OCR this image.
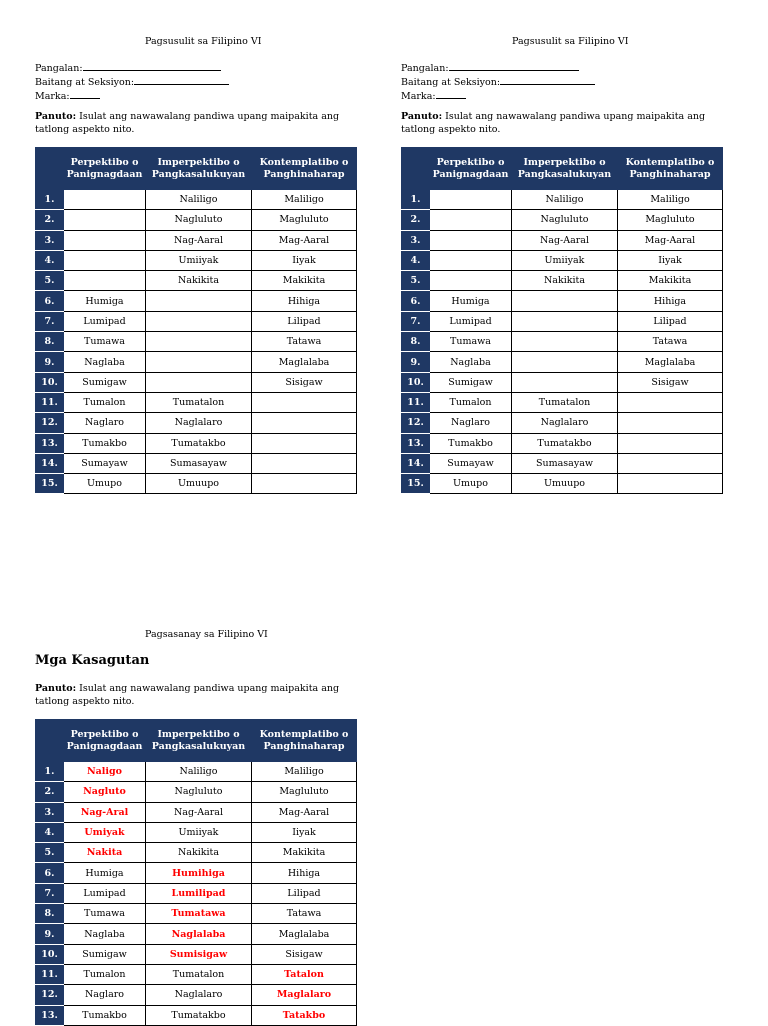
Pagsusulit sa Filipino VI
Pangalan:
Baitang at Seksiyon:
Marka:
Panuto: Isulat ang nawawalang pandiwa upang maipakita ang tatlong aspekto nito.
	Perpektibo o Panignagdaan	Imperpektibo o Pangkasalukuyan	Kontemplatibo o Panghinaharap
1.		Naliligo	Maliligo
2.		Nagluluto	Magluluto
3.		Nag-Aaral	Mag-Aaral
4.		Umiiyak	Iiyak
5.		Nakikita	Makikita
6.	Humiga		Hihiga
7.	Lumipad		Lilipad
8.	Tumawa		Tatawa
9.	Naglaba		Maglalaba
10.	Sumigaw		Sisigaw
11.	Tumalon	Tumatalon	
12.	Naglaro	Naglalaro	
13.	Tumakbo	Tumatakbo	
14.	Sumayaw	Sumasayaw	
15.	Umupo	Umuupo	
Pagsusulit sa Filipino VI
Pangalan:
Baitang at Seksiyon:
Marka:
Panuto: Isulat ang nawawalang pandiwa upang maipakita ang tatlong aspekto nito.
	Perpektibo o Panignagdaan	Imperpektibo o Pangkasalukuyan	Kontemplatibo o Panghinaharap
1.		Naliligo	Maliligo
2.		Nagluluto	Magluluto
3.		Nag-Aaral	Mag-Aaral
4.		Umiiyak	Iiyak
5.		Nakikita	Makikita
6.	Humiga		Hihiga
7.	Lumipad		Lilipad
8.	Tumawa		Tatawa
9.	Naglaba		Maglalaba
10.	Sumigaw		Sisigaw
11.	Tumalon	Tumatalon	
12.	Naglaro	Naglalaro	
13.	Tumakbo	Tumatakbo	
14.	Sumayaw	Sumasayaw	
15.	Umupo	Umuupo	
Pagsasanay sa Filipino VI
Mga Kasagutan
Panuto: Isulat ang nawawalang pandiwa upang maipakita ang tatlong aspekto nito.
	Perpektibo o Panignagdaan	Imperpektibo o Pangkasalukuyan	Kontemplatibo o Panghinaharap
1.	Naligo	Naliligo	Maliligo
2.	Nagluto	Nagluluto	Magluluto
3.	Nag-Aral	Nag-Aaral	Mag-Aaral
4.	Umiyak	Umiiyak	Iiyak
5.	Nakita	Nakikita	Makikita
6.	Humiga	Humihiga	Hihiga
7.	Lumipad	Lumilipad	Lilipad
8.	Tumawa	Tumatawa	Tatawa
9.	Naglaba	Naglalaba	Maglalaba
10.	Sumigaw	Sumisigaw	Sisigaw
11.	Tumalon	Tumatalon	Tatalon
12.	Naglaro	Naglalaro	Maglalaro
13.	Tumakbo	Tumatakbo	Tatakbo
